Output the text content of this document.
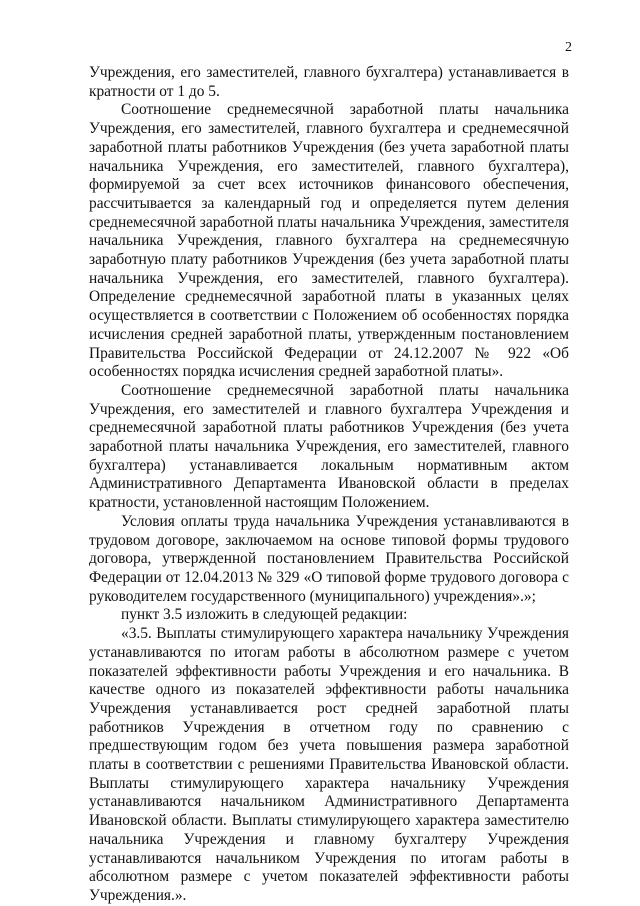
2

Учреждения, его заместителей, главного бухгалтера) устанавливается в кратности от 1 до 5.

Соотношение среднемесячной заработной платы начальника Учреждения, его заместителей, главного бухгалтера и среднемесячной заработной платы работников Учреждения (без учета заработной платы начальника Учреждения, его заместителей, главного бухгалтера), формируемой за счет всех источников финансового обеспечения, рассчитывается за календарный год и определяется путем деления среднемесячной заработной платы начальника Учреждения, заместителя начальника Учреждения, главного бухгалтера на среднемесячную заработную плату работников Учреждения (без учета заработной платы начальника Учреждения, его заместителей, главного бухгалтера). Определение среднемесячной заработной платы в указанных целях осуществляется в соответствии с Положением об особенностях порядка исчисления средней заработной платы, утвержденным постановлением Правительства Российской Федерации от 24.12.2007 № 922 «Об особенностях порядка исчисления средней заработной платы».

Соотношение среднемесячной заработной платы начальника Учреждения, его заместителей и главного бухгалтера Учреждения и среднемесячной заработной платы работников Учреждения (без учета заработной платы начальника Учреждения, его заместителей, главного бухгалтера) устанавливается локальным нормативным актом Административного Департамента Ивановской области в пределах кратности, установленной настоящим Положением.

Условия оплаты труда начальника Учреждения устанавливаются в трудовом договоре, заключаемом на основе типовой формы трудового договора, утвержденной постановлением Правительства Российской Федерации от 12.04.2013 № 329 «О типовой форме трудового договора с руководителем государственного (муниципального) учреждения».»;

пункт 3.5 изложить в следующей редакции:

«3.5. Выплаты стимулирующего характера начальнику Учреждения устанавливаются по итогам работы в абсолютном размере с учетом показателей эффективности работы Учреждения и его начальника. В качестве одного из показателей эффективности работы начальника Учреждения устанавливается рост средней заработной платы работников Учреждения в отчетном году по сравнению с предшествующим годом без учета повышения размера заработной платы в соответствии с решениями Правительства Ивановской области. Выплаты стимулирующего характера начальнику Учреждения устанавливаются начальником Административного Департамента Ивановской области. Выплаты стимулирующего характера заместителю начальника Учреждения и главному бухгалтеру Учреждения устанавливаются начальником Учреждения по итогам работы в абсолютном размере с учетом показателей эффективности работы Учреждения.».
